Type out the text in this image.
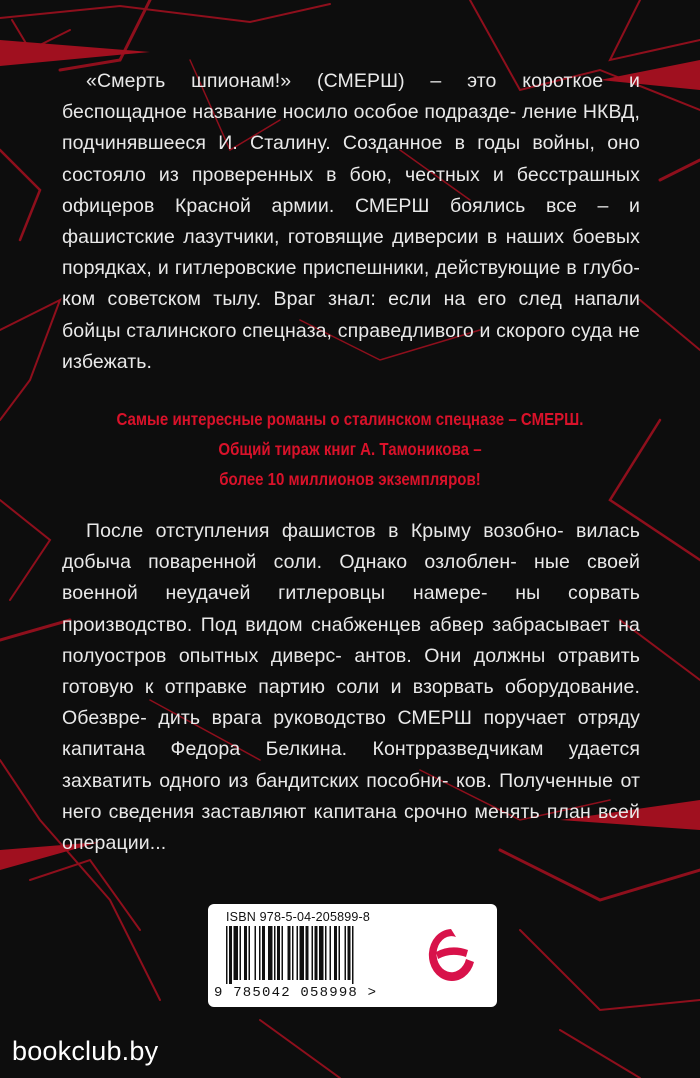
«Смерть шпионам!» (СМЕРШ) – это короткое и беспощадное название носило особое подразде- ление НКВД, подчинявшееся И. Сталину. Созданное в годы войны, оно состояло из проверенных в бою, честных и бесстрашных офицеров Красной армии. СМЕРШ боялись все – и фашистские лазутчики, готовящие диверсии в наших боевых порядках, и гитлеровские приспешники, действующие в глубо- ком советском тылу. Враг знал: если на его след напали бойцы сталинского спецназа, справедливого и скорого суда не избежать.
Самые интересные романы о сталинском спецназе – СМЕРШ.
Общий тираж книг А. Тамоникова –
более 10 миллионов экземпляров!
После отступления фашистов в Крыму возобно- вилась добыча поваренной соли. Однако озлоблен- ные своей военной неудачей гитлеровцы намере- ны сорвать производство. Под видом снабженцев абвер забрасывает на полуостров опытных диверс- антов. Они должны отравить готовую к отправке партию соли и взорвать оборудование. Обезвре- дить врага руководство СМЕРШ поручает отряду капитана Федора Белкина. Контрразведчикам удается захватить одного из бандитских пособни- ков. Полученные от него сведения заставляют капитана срочно менять план всей операции...
ISBN 978-5-04-205899-8
9 785042 058998 >
bookclub.by
